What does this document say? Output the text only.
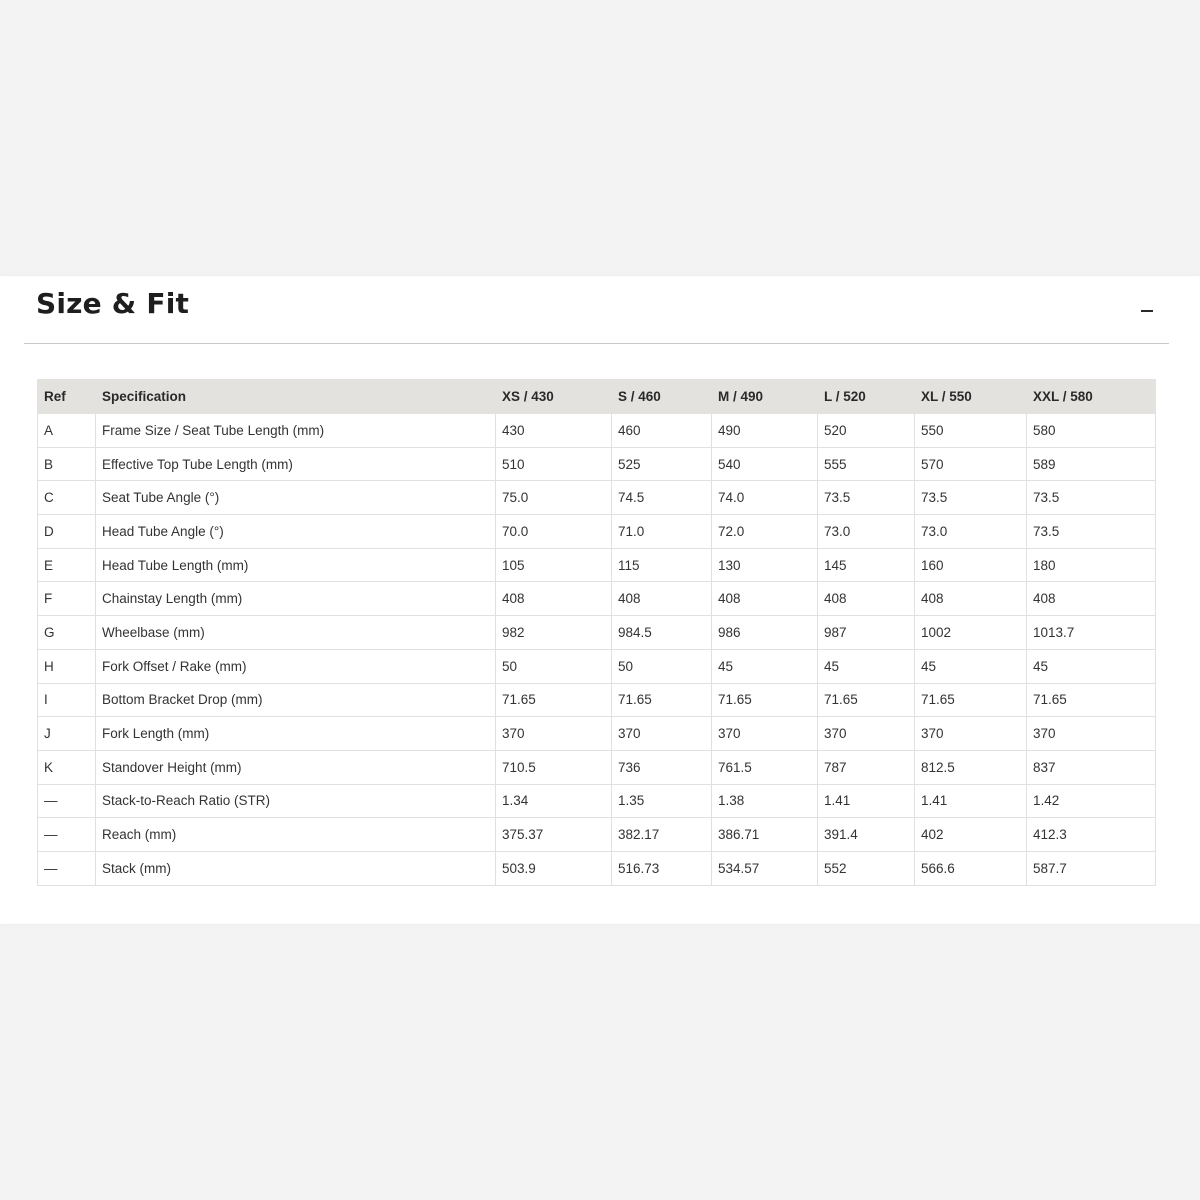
Size & Fit
Ref	Specification	XS / 430	S / 460	M / 490	L / 520	XL / 550	XXL / 580
A	Frame Size / Seat Tube Length (mm)	430	460	490	520	550	580
B	Effective Top Tube Length (mm)	510	525	540	555	570	589
C	Seat Tube Angle (°)	75.0	74.5	74.0	73.5	73.5	73.5
D	Head Tube Angle (°)	70.0	71.0	72.0	73.0	73.0	73.5
E	Head Tube Length (mm)	105	115	130	145	160	180
F	Chainstay Length (mm)	408	408	408	408	408	408
G	Wheelbase (mm)	982	984.5	986	987	1002	1013.7
H	Fork Offset / Rake (mm)	50	50	45	45	45	45
I	Bottom Bracket Drop (mm)	71.65	71.65	71.65	71.65	71.65	71.65
J	Fork Length (mm)	370	370	370	370	370	370
K	Standover Height (mm)	710.5	736	761.5	787	812.5	837
—	Stack-to-Reach Ratio (STR)	1.34	1.35	1.38	1.41	1.41	1.42
—	Reach (mm)	375.37	382.17	386.71	391.4	402	412.3
—	Stack (mm)	503.9	516.73	534.57	552	566.6	587.7
